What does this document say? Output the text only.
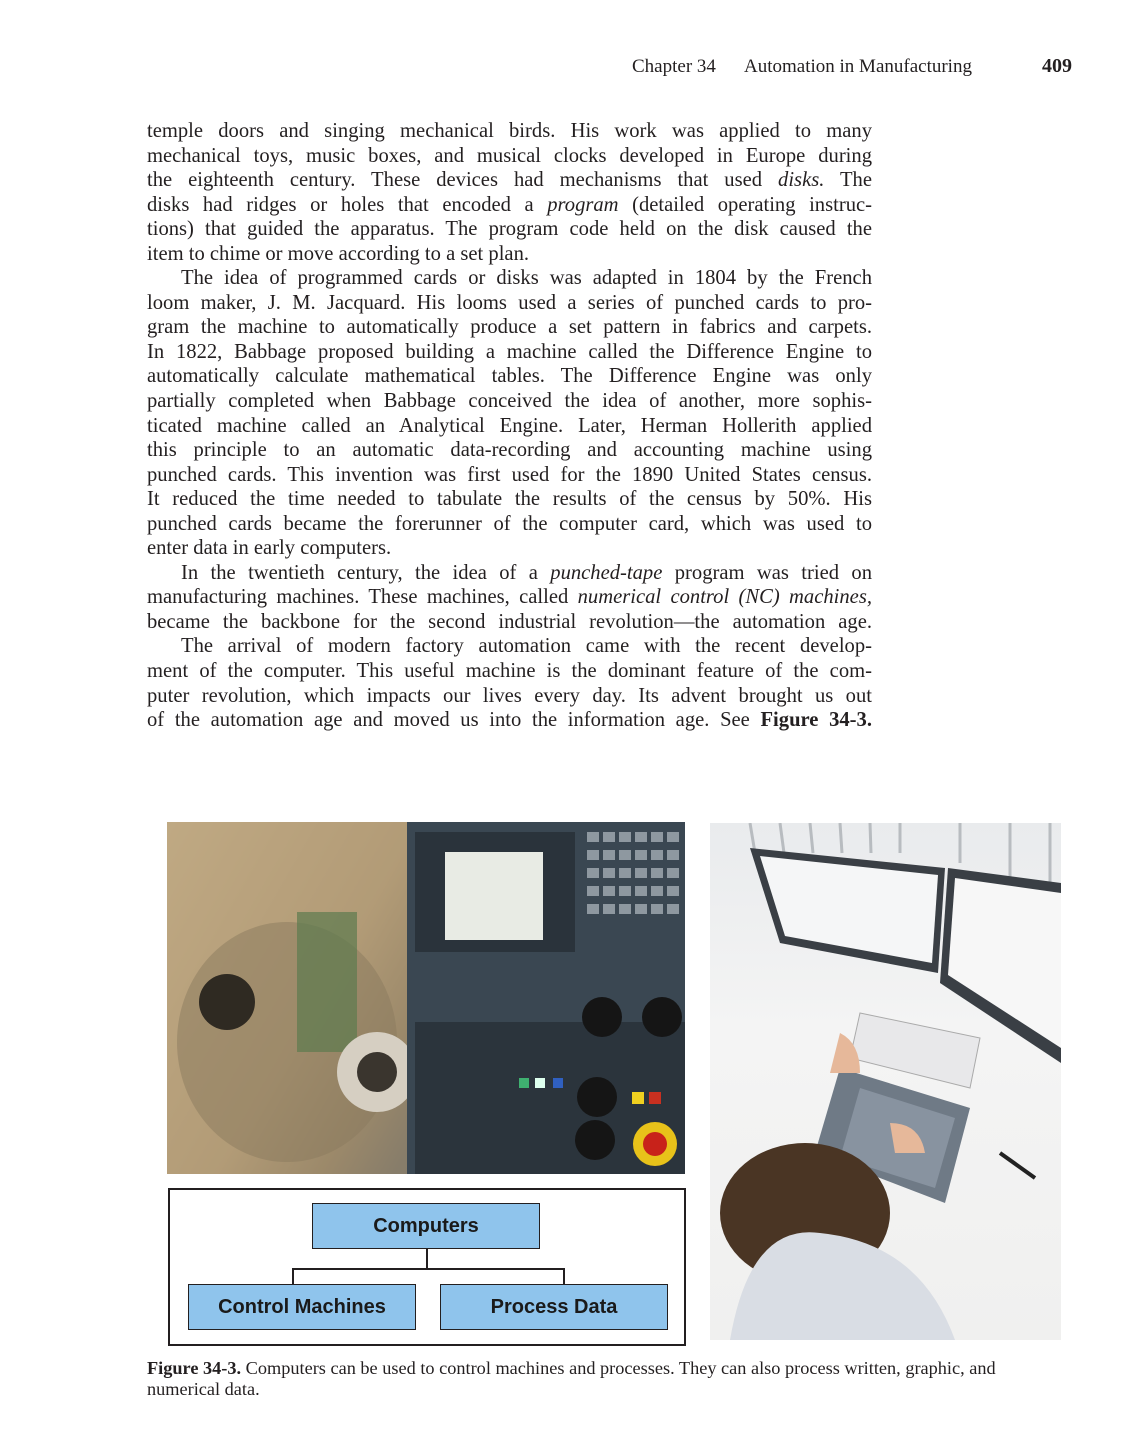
Chapter 34 Automation in Manufacturing	409
temple doors and singing mechanical birds. His work was applied to many
mechanical toys, music boxes, and musical clocks developed in Europe during
the eighteenth century. These devices had mechanisms that used disks. The
disks had ridges or holes that encoded a program (detailed operating instruc-
tions) that guided the apparatus. The program code held on the disk caused the
item to chime or move according to a set plan.
The idea of programmed cards or disks was adapted in 1804 by the French
loom maker, J. M. Jacquard. His looms used a series of punched cards to pro-
gram the machine to automatically produce a set pattern in fabrics and carpets.
In 1822, Babbage proposed building a machine called the Difference Engine to
automatically calculate mathematical tables. The Difference Engine was only
partially completed when Babbage conceived the idea of another, more sophis-
ticated machine called an Analytical Engine. Later, Herman Hollerith applied
this principle to an automatic data-recording and accounting machine using
punched cards. This invention was first used for the 1890 United States census.
It reduced the time needed to tabulate the results of the census by 50%. His
punched cards became the forerunner of the computer card, which was used to
enter data in early computers.
In the twentieth century, the idea of a punched-tape program was tried on
manufacturing machines. These machines, called numerical control (NC) machines,
became the backbone for the second industrial revolution—the automation age.
The arrival of modern factory automation came with the recent develop-
ment of the computer. This useful machine is the dominant feature of the com-
puter revolution, which impacts our lives every day. Its advent brought us out
of the automation age and moved us into the information age. See Figure 34-3.
Computers
Control Machines	Process Data
Figure 34-3. Computers can be used to control machines and processes. They can also process written, graphic, and numerical data.
